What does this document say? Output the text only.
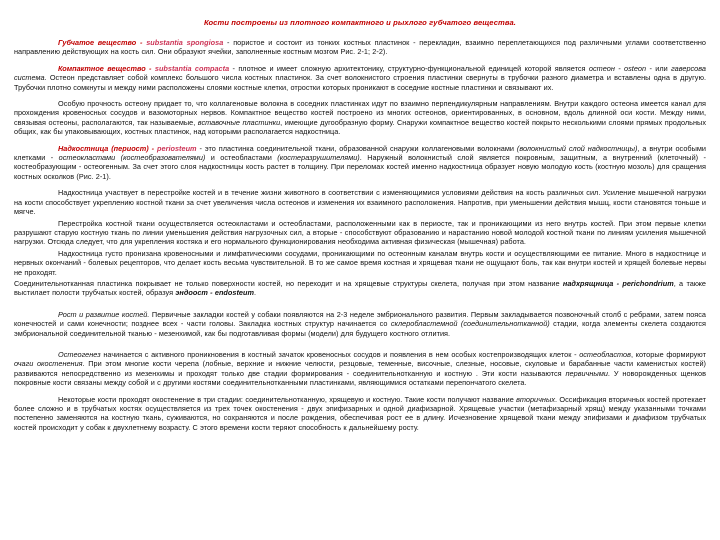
Кости построены из плотного компактного и рыхлого губчатого вещества.

Губчатое вещество - substantia spongiosa - пористое и состоит из тонких костных пластинок - перекладин, взаимно переплетающихся под различными углами соответственно направлению действующих на кость сил. Они образуют ячейки, заполненные костным мозгом Рис. 2-1; 2-2).

Компактное вещество - substantia compacta - плотное и имеет сложную архитектонику, структурно-функциональной единицей которой является остеон - osteon - или гаверсова система. Остеон представляет собой комплекс большого числа костных пластинок. За счет волокнистого строения пластинки свернуты в трубочки разного диаметра и вставлены одна в другую. Трубочки плотно сомкнуты и между ними расположены слоями костные клетки, отростки которых проникают в соседние костные пластинки и связывают их.

Особую прочность остеону придает то, что коллагеновые волокна в соседних пластинках идут по взаимно перпендикулярным направлениям. Внутри каждого остеона имеется канал для прохождения кровеносных сосудов и вазомоторных нервов. Компактное вещество костей построено из многих остеонов, ориентированных, в основном, вдоль длинной оси кости. Между ними, связывая остеоны, располагаются, так называемые, вставочные пластинки, имеющие дугообразную форму. Снаружи компактное вещество костей покрыто несколькими слоями прямых продольных общих, как бы упаковывающих, костных пластинок, над которыми располагается надкостница.

Надкостница (периост) - periosteum - это пластинка соединительной ткани, образованной снаружи коллагеновыми волокнами (волокнистый слой надкостницы), а внутри особыми клетками - остеокластами (костеобразователями) и остеобластами (костеразрушителями). Наружный волокнистый слой является покровным, защитным, а внутренний (клеточный) - костеобразующим - остеогенным. За счет этого слоя надкостницы кость растет в толщину. При переломах костей именно надкостница образует новую молодую кость (костную мозоль) для сращения костных осколков (Рис. 2-1).

Надкостница участвует в перестройке костей и в течение жизни животного в соответствии с изменяющимися условиями действия на кость различных сил. Усиление мышечной нагрузки на кости способствует укреплению костной ткани за счет увеличения числа остеонов и изменения их взаимного расположения. Напротив, при уменьшении действия мышц, кости становятся тоньше и мягче.

Перестройка костной ткани осуществляется остеокластами и остеобластами, расположенными как в периосте, так и проникающими из него внутрь костей. При этом первые клетки разрушают старую костную ткань по линии уменьшения действия нагрузочных сил, а вторые - способствуют образованию и нарастанию новой молодой костной ткани по линиям усиления мышечной нагрузки. Отсюда следует, что для укрепления костяка и его нормального функционирования необходима активная физическая (мышечная) работа.

Надкостница густо пронизана кровеносными и лимфатическими сосудами, проникающими по остеонным каналам внутрь кости и осуществляющими ее питание. Много в надкостнице и нервных окончаний - болевых рецепторов, что делает кость весьма чувствительной. В то же самое время костная и хрящевая ткани не ощущают боль, так как внутри костей и хрящей болевые нервы не проходят.

Соединительнотканная пластинка покрывает не только поверхности костей, но переходит и на хрящевые структуры скелета, получая при этом название надхрящница - perichondrium, а также выстилает полости трубчатых костей, образуя эндоост - endosteum.

Рост и развитие костей. Первичные закладки костей у собаки появляются на 2-3 неделе эмбрионального развития. Первым закладывается позвоночный столб с ребрами, затем пояса конечностей и сами конечности; позднее всех - части головы. Закладка костных структур начинается со склеробластемной (соединительнотканной) стадии, когда элементы скелета создаются эмбриональной соединительной тканью - мезенхимой, как бы подготавливая формы (модели) для будущего костного отлития.

Остеогенез начинается с активного проникновения в костный зачаток кровеносных сосудов и появления в нем особых костепроизводящих клеток - остеобластов, которые формируют очаги окостенения. При этом многие кости черепа (лобные, верхние и нижние челюсти, резцовые, теменные, височные, слезные, носовые, скуловые и барабанные части каменистых костей) развиваются непосредственно из мезенхимы и проходят только две стадии формирования - соединительнотканную и костную . Эти кости называются первичными. У новорожденных щенков покровные кости связаны между собой и с другими костями соединительнотканными пластинками, являющимися остатками перепончатого скелета.

Некоторые кости проходят окостенение в три стадии: соединительнотканную, хрящевую и костную. Такие кости получают название вторичных. Оссификация вторичных костей протекает более сложно и в трубчатых костях осуществляется из трех точек окостенения - двух эпифизарных и одной диафизарной. Хрящевые участки (метафизарный хрящ) между указанными точками постепенно заменяются на костную ткань, суживаются, но сохраняются и после рождения, обеспечивая рост ее в длину. Исчезновение хрящевой ткани между эпифизами и диафизом трубчатых костей происходит у собак к двухлетнему возрасту. С этого времени кости теряют способность к дальнейшему росту.
